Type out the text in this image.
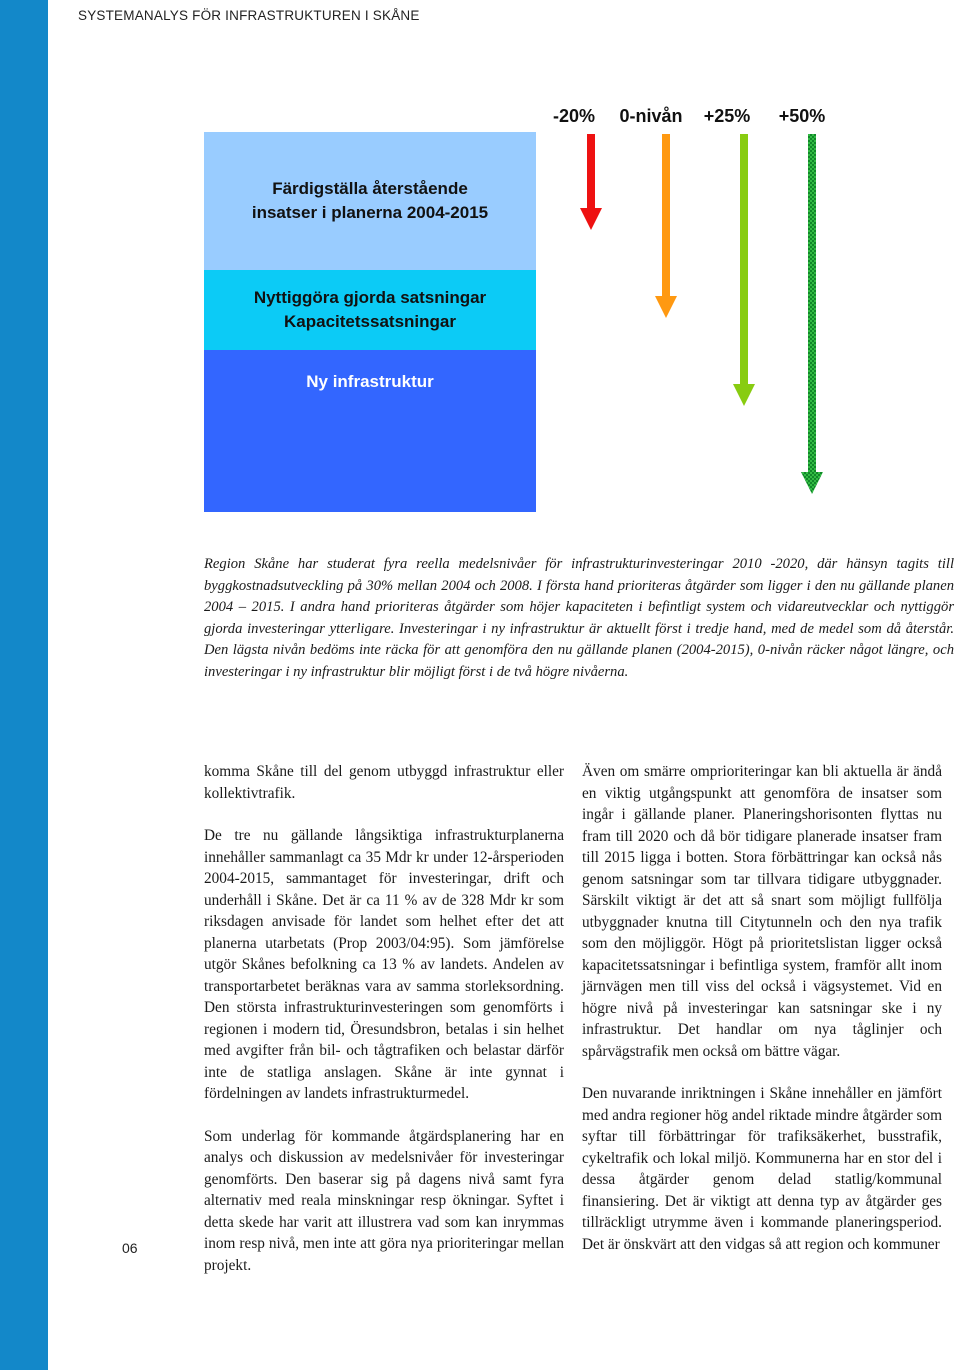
SYSTEMANALYS FÖR INFRASTRUKTUREN I SKÅNE
Färdigställa återstående
insatser i planerna 2004-2015
Nyttiggöra gjorda satsningar
Kapacitetssatsningar
Ny infrastruktur
-20% 0-nivån +25% +50%

Region Skåne har studerat fyra reella medelsnivåer för infrastrukturinvesteringar 2010 -2020, där hänsyn tagits till byggkostnadsutveckling på 30% mellan 2004 och 2008. I första hand prioriteras åtgärder som ligger i den nu gällande planen 2004 – 2015. I andra hand prioriteras åtgärder som höjer kapaciteten i befintligt system och vidareutvecklar och nyttiggör gjorda investeringar ytterligare. Investeringar i ny infrastruktur är aktuellt först i tredje hand, med de medel som då återstår. Den lägsta nivån bedöms inte räcka för att genomföra den nu gällande planen (2004-2015), 0-nivån räcker något längre, och investeringar i ny infrastruktur blir möjligt först i de två högre nivåerna.

komma Skåne till del genom utbyggd infrastruktur eller kollektivtrafik.

De tre nu gällande långsiktiga infrastrukturplanerna innehåller sammanlagt ca 35 Mdr kr under 12-årsperioden 2004-2015, sammantaget för investeringar, drift och underhåll i Skåne. Det är ca 11 % av de 328 Mdr kr som riksdagen anvisade för landet som helhet efter det att planerna utarbetats (Prop 2003/04:95). Som jämförelse utgör Skånes befolkning ca 13 % av landets. Andelen av transportarbetet beräknas vara av samma storleksordning. Den största infrastrukturinvesteringen som genomförts i regionen i modern tid, Öresundsbron, betalas i sin helhet med avgifter från bil- och tågtrafiken och belastar därför inte de statliga anslagen. Skåne är inte gynnat i fördelningen av landets infrastrukturmedel.

Som underlag för kommande åtgärdsplanering har en analys och diskussion av medelsnivåer för investeringar genomförts. Den baserar sig på dagens nivå samt fyra alternativ med reala minskningar resp ökningar. Syftet i detta skede har varit att illustrera vad som kan inrymmas inom resp nivå, men inte att göra nya prioriteringar mellan projekt.

Även om smärre omprioriteringar kan bli aktuella är ändå en viktig utgångspunkt att genomföra de insatser som ingår i gällande planer. Planeringshorisonten flyttas nu fram till 2020 och då bör tidigare planerade insatser fram till 2015 ligga i botten. Stora förbättringar kan också nås genom satsningar som tar tillvara tidigare utbyggnader. Särskilt viktigt är det att så snart som möjligt fullfölja utbyggnader knutna till Citytunneln och den nya trafik som den möjliggör. Högt på prioritetslistan ligger också kapacitetssatsningar i befintliga system, framför allt inom järnvägen men till viss del också i vägsystemet. Vid en högre nivå på investeringar kan satsningar ske i ny infrastruktur. Det handlar om nya tåglinjer och spårvägstrafik men också om bättre vägar.

Den nuvarande inriktningen i Skåne innehåller en jämfört med andra regioner hög andel riktade mindre åtgärder som syftar till förbättringar för trafiksäkerhet, busstrafik, cykeltrafik och lokal miljö. Kommunerna har en stor del i dessa åtgärder genom delad statlig/kommunal finansiering. Det är viktigt att denna typ av åtgärder ges tillräckligt utrymme även i kommande planeringsperiod. Det är önskvärt att den vidgas så att region och kommuner

06
